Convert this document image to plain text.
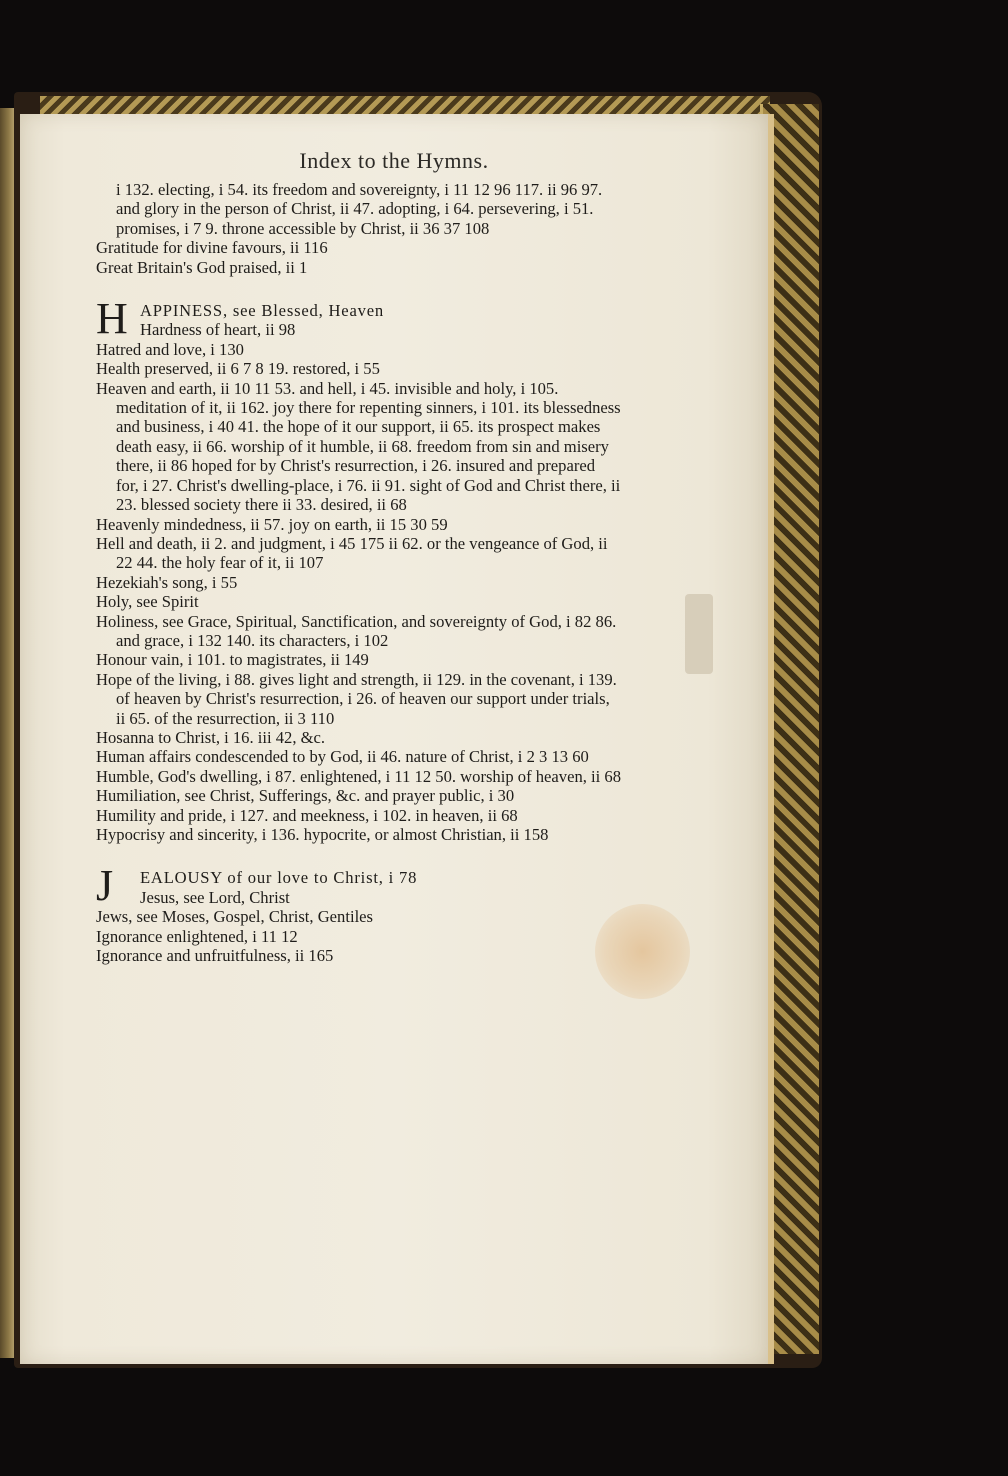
Index to the Hymns.

i 132. electing, i 54. its freedom and sovereignty, i 11 12 96 117. ii 96 97. and glory in the person of Christ, ii 47. adopting, i 64. persevering, i 51. promises, i 7 9. throne accessible by Christ, ii 36 37 108

Gratitude for divine favours, ii 116

Great Britain's God praised, ii 1

H APPINESS, see Blessed, Heaven

Hardness of heart, ii 98

Hatred and love, i 130

Health preserved, ii 6 7 8 19. restored, i 55

Heaven and earth, ii 10 11 53. and hell, i 45. invisible and holy, i 105. meditation of it, ii 162. joy there for repenting sinners, i 101. its blessedness and business, i 40 41. the hope of it our support, ii 65. its prospect makes death easy, ii 66. worship of it humble, ii 68. freedom from sin and misery there, ii 86 hoped for by Christ's resurrection, i 26. insured and prepared for, i 27. Christ's dwelling-place, i 76. ii 91. sight of God and Christ there, ii 23. blessed society there ii 33. desired, ii 68

Heavenly mindedness, ii 57. joy on earth, ii 15 30 59

Hell and death, ii 2. and judgment, i 45 175 ii 62. or the vengeance of God, ii 22 44. the holy fear of it, ii 107

Hezekiah's song, i 55

Holy, see Spirit

Holiness, see Grace, Spiritual, Sanctification, and sovereignty of God, i 82 86. and grace, i 132 140. its characters, i 102

Honour vain, i 101. to magistrates, ii 149

Hope of the living, i 88. gives light and strength, ii 129. in the covenant, i 139. of heaven by Christ's resurrection, i 26. of heaven our support under trials, ii 65. of the resurrection, ii 3 110

Hosanna to Christ, i 16. iii 42, &c.

Human affairs condescended to by God, ii 46. nature of Christ, i 2 3 13 60

Humble, God's dwelling, i 87. enlightened, i 11 12 50. worship of heaven, ii 68

Humiliation, see Christ, Sufferings, &c. and prayer public, i 30

Humility and pride, i 127. and meekness, i 102. in heaven, ii 68

Hypocrisy and sincerity, i 136. hypocrite, or almost Christian, ii 158

J EALOUSY of our love to Christ, i 78

Jesus, see Lord, Christ

Jews, see Moses, Gospel, Christ, Gentiles

Ignorance enlightened, i 11 12

Ignorance and unfruitfulness, ii 165
